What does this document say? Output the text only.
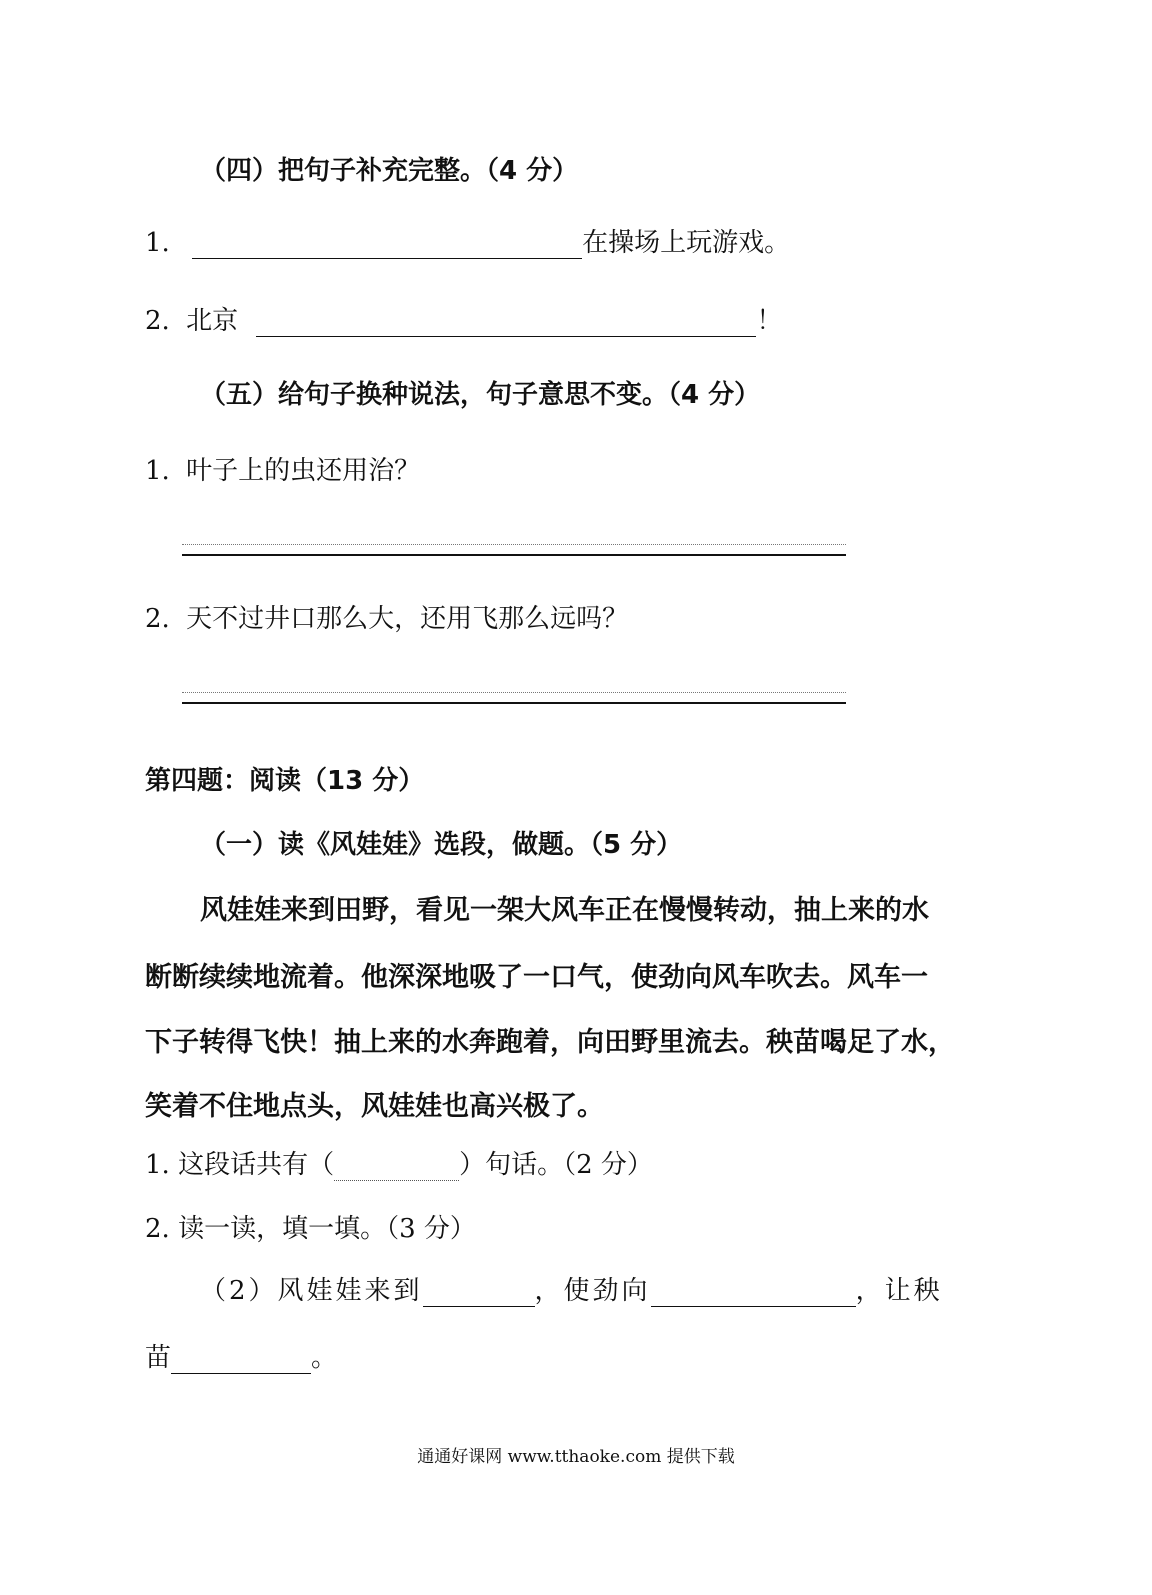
（四）把句子补充完整。（4 分）
1.	在操场上玩游戏。
2. 北京	！
（五）给句子换种说法，句子意思不变。（4 分）
1. 叶子上的虫还用治？
2. 天不过井口那么大，还用飞那么远吗？
第四题：阅读（13 分）
（一）读《风娃娃》选段，做题。（5 分）
风娃娃来到田野，看见一架大风车正在慢慢转动，抽上来的水
断断续续地流着。他深深地吸了一口气，使劲向风车吹去。风车一
下子转得飞快！抽上来的水奔跑着，向田野里流去。秧苗喝足了水，
笑着不住地点头，风娃娃也高兴极了。
1. 这段话共有（	）句话。（2 分）
2. 读一读，填一填。（3 分）
（2）风娃娃来到	，使劲向	，让秧
苗	。
通通好课网 www.tthaoke.com 提供下载
